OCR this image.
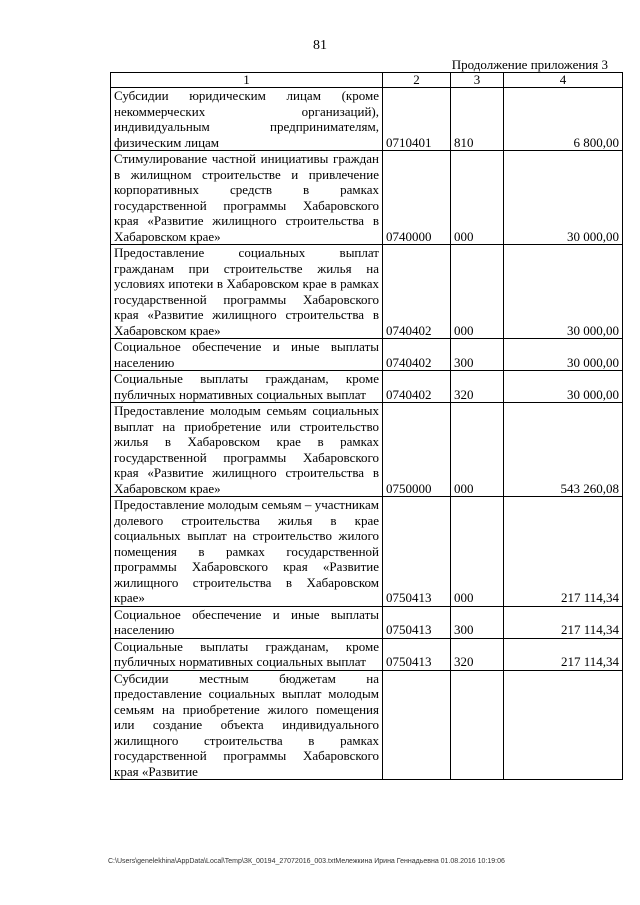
81
Продолжение приложения 3
1	2	3	4
Субсидии юридическим лицам (кроме некоммерческих организаций), индивидуальным предпринимателям, физическим лицам	0710401	810	6 800,00
Стимулирование частной инициативы граждан в жилищном строительстве и привлечение корпоративных средств в рамках государственной программы Хабаровского края «Развитие жилищного строительства в Хабаровском крае»	0740000	000	30 000,00
Предоставление социальных выплат гражданам при строительстве жилья на условиях ипотеки в Хабаровском крае в рамках государственной программы Хабаровского края «Развитие жилищного строительства в Хабаровском крае»	0740402	000	30 000,00
Социальное обеспечение и иные выплаты населению	0740402	300	30 000,00
Социальные выплаты гражданам, кроме публичных нормативных социальных выплат	0740402	320	30 000,00
Предоставление молодым семьям социальных выплат на приобретение или строительство жилья в Хабаровском крае в рамках государственной программы Хабаровского края «Развитие жилищного строительства в Хабаровском крае»	0750000	000	543 260,08
Предоставление молодым семьям – участникам долевого строительства жилья в крае социальных выплат на строительство жилого помещения в рамках государственной программы Хабаровского края «Развитие жилищного строительства в Хабаровском крае»	0750413	000	217 114,34
Социальное обеспечение и иные выплаты населению	0750413	300	217 114,34
Социальные выплаты гражданам, кроме публичных нормативных социальных выплат	0750413	320	217 114,34
Субсидии местным бюджетам на предоставление социальных выплат молодым семьям на приобретение жилого помещения или создание объекта индивидуального жилищного строительства в рамках государственной программы Хабаровского края «Развитие			
C:\Users\genelekhina\AppData\Local\Temp\ЗК_00194_27072016_003.txtМележкина Ирина Геннадьевна 01.08.2016 10:19:06
